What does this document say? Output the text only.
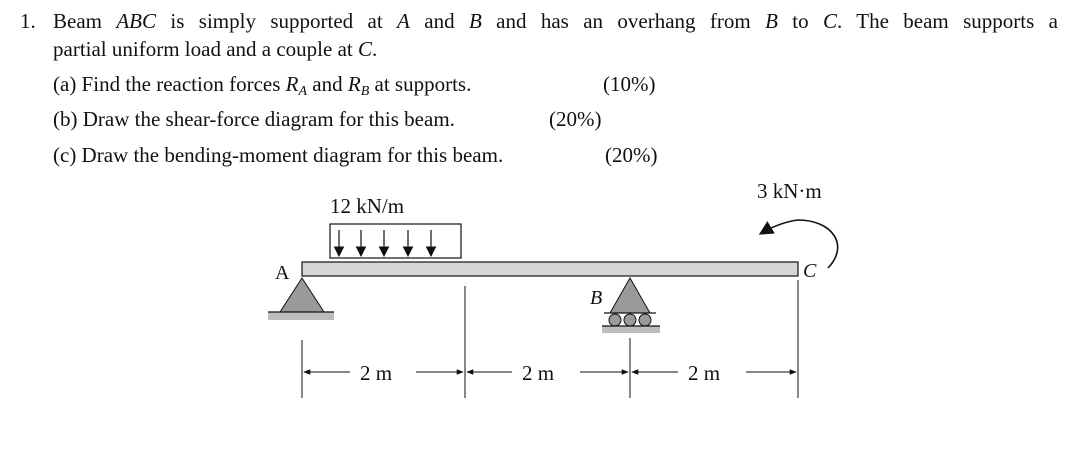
1. Beam ABC is simply supported at A and B and has an overhang from B to C. The beam supports a
partial uniform load and a couple at C.
(a) Find the reaction forces $R_A$ and $R_B$ at supports.	(10%)
(b) Draw the shear-force diagram for this beam.	(20%)
(c) Draw the bending-moment diagram for this beam.	(20%)
12 kN/m
A	C
B
3 kN·m
2 m	2 m	2 m
